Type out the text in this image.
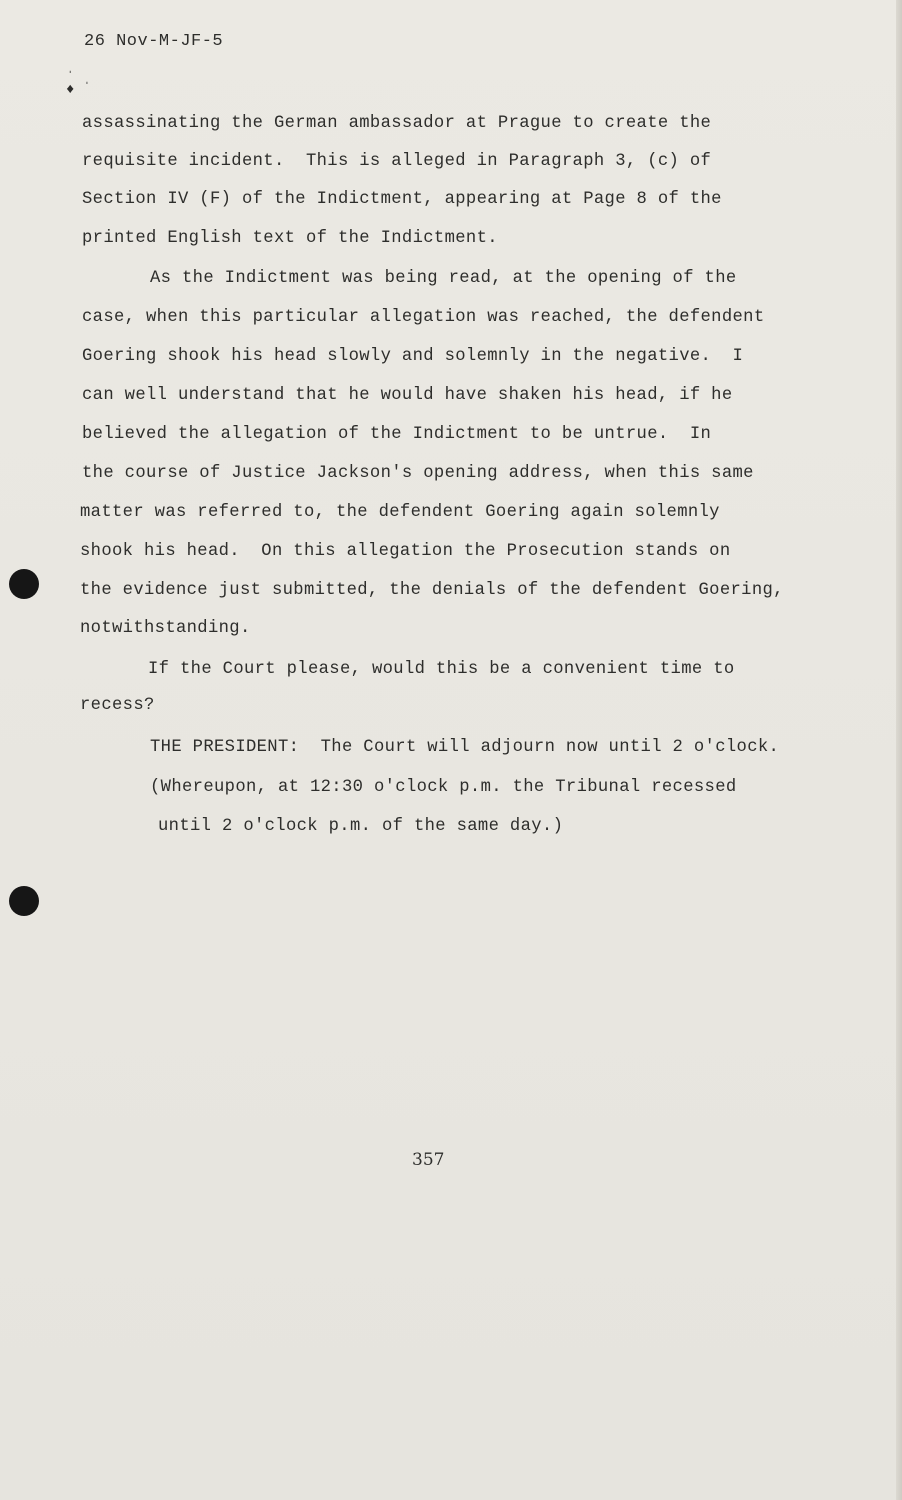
26 Nov-M-JF-5
ˈ ˌ
♦
assassinating the German ambassador at Prague to create the
requisite incident.  This is alleged in Paragraph 3, (c) of
Section IV (F) of the Indictment, appearing at Page 8 of the
printed English text of the Indictment.
As the Indictment was being read, at the opening of the
case, when this particular allegation was reached, the defendent
Goering shook his head slowly and solemnly in the negative.  I
can well understand that he would have shaken his head, if he
believed the allegation of the Indictment to be untrue.  In
the course of Justice Jackson's opening address, when this same
matter was referred to, the defendent Goering again solemnly
shook his head.  On this allegation the Prosecution stands on
the evidence just submitted, the denials of the defendent Goering,
notwithstanding.
If the Court please, would this be a convenient time to
recess?
THE PRESIDENT:  The Court will adjourn now until 2 o'clock.
(Whereupon, at 12:30 o'clock p.m. the Tribunal recessed
until 2 o'clock p.m. of the same day.)
357
